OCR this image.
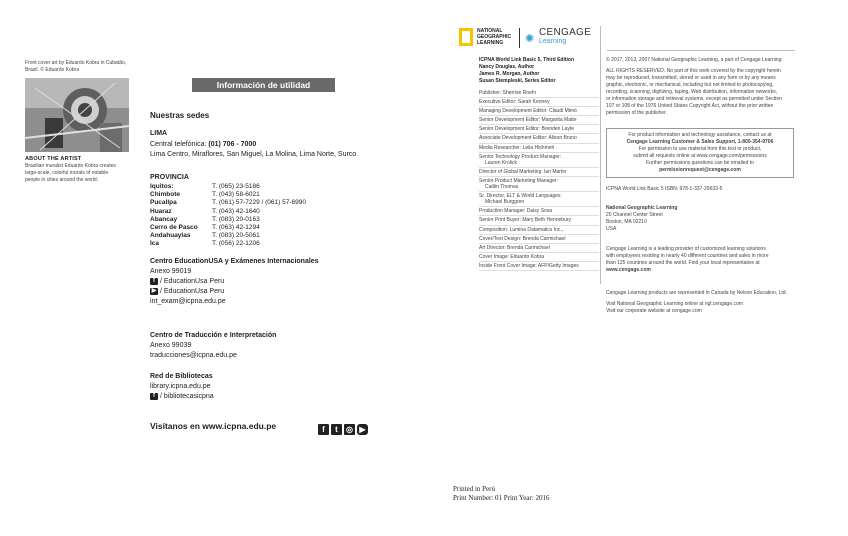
Front cover art by Eduardo Kobra in Cubatão,
Brazil. © Eduardo Kobra
ABOUT THE ARTIST
Brazilian muralist Eduardo Kobra creates
large-scale, colorful murals of notable
people in cities around the world.
Información de utilidad
Nuestras sedes
LIMA
Central telefónica: (01) 706 - 7000
Lima Centro, Miraflores, San Miguel, La Molina, Lima Norte, Surco.
PROVINCIA
Iquitos:	T. (065) 23-5186
Chimbote	T. (043) 58-6021
Pucallpa	T. (061) 57-7229 / (061) 57-6990
Huaraz	T. (043) 42-1640
Abancay	T. (083) 20-0163
Cerro de Pasco	T. (063) 42-1294
Andahuaylas	T. (083) 20-5061
Ica	T. (056) 22-1206
Centro EducationUSA y Exámenes Internacionales
Anexo 99019
f / EducationUsa Peru
▶ / EducationUsa Peru
int_exam@icpna.edu.pe
Centro de Traducción e Interpretación
Anexo 99039
traducciones@icpna.edu.pe
Red de Bibliotecas
library.icpna.edu.pe
f / bibliotecasicpna
Visítanos en www.icpna.edu.pe	f t ◎ ▶
Printed in Perú
Print Number: 01 Print Year: 2016
NATIONAL
GEOGRAPHIC
LEARNING	✺
CENGAGE
Learning
ICPNA World Link Basic 5, Third Edition
Nancy Douglas, Author
James R. Morgan, Author
Susan Stempleski, Series Editor
Publisher: Sherrise Roehr
Executive Editor: Sarah Kenney
Managing Development Editor: Claudi Mimó
Senior Development Editor: Margarita Matte
Senior Development Editor: Brenden Layte
Associate Development Editor: Alison Bruno
Media Researcher: Leila Hishmeh
Senior Technology Product Manager:
Lauren Krolick
Director of Global Marketing: Ian Martin
Senior Product Marketing Manager:
Caitlin Thomas
Sr. Director, ELT & World Languages:
Michael Burggren
Production Manager: Daisy Sosa
Senior Print Buyer: Mary Beth Hennebury
Composition: Lumina Datamatics Inc.,
Cover/Text Design: Brenda Carmichael
Art Director: Brenda Carmichael
Cover Image: Eduardo Kobra
Inside Front Cover Image: AFP/Getty Images
© 2017, 2013, 2007 National Geographic Learning, a part of Cengage Learning
ALL RIGHTS RESERVED. No part of this work covered by the copyright herein
may be reproduced, transmitted, stored or used in any form or by any means
graphic, electronic, or mechanical, including but not limited to photocopying,
recording, scanning, digitizing, taping, Web distribution, information networks,
or information storage and retrieval systems, except as permitted under Section
107 or 108 of the 1976 United States Copyright Act, without the prior written
permission of the publisher.
For product information and technology assistance, contact us at
Cengage Learning Customer & Sales Support, 1-800-354-9706
For permission to use material from this text or product,
submit all requests online at www.cengage.com/permissions
Further permissions questions can be emailed to
permissionrequest@cengage.com
ICPNA World Link Basic 5 ISBN: 978-1-337-29633-5
National Geographic Learning
20 Channel Center Street
Boston, MA 02210
USA
Cengage Learning is a leading provider of customized learning solutions
with employees residing in nearly 40 different countries and sales in more
than 125 countries around the world. Find your local representative at
www.cengage.com
Cengage Learning products are represented in Canada by Nelson Education, Ltd.
Visit National Geographic Learning online at ngl.cengage.com
Visit our corporate website at cengage.com
